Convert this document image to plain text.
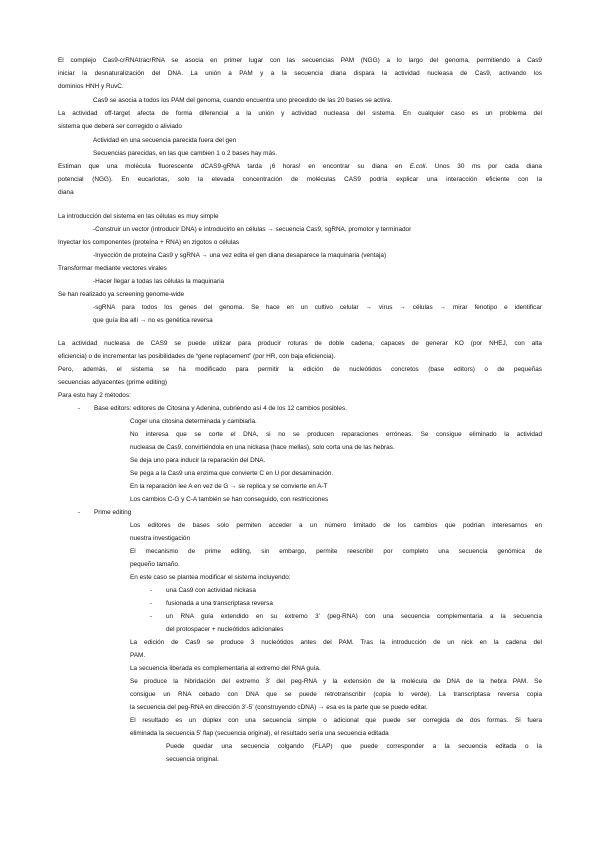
El complejo Cas9-crRNAtracrRNA se asocia en primer lugar con las secuencias PAM (NGG) a lo largo del genoma, permitiendo a Cas9
iniciar la desnaturalización del DNA. La unión a PAM y a la secuencia diana dispara la actividad nucleasa de Cas9, activando los
dominios HNH y RuvC.
Cas9 se asocia a todos los PAM del genoma, cuando encuentra uno precedido de las 20 bases se activa.
La actividad off-target afecta de forma diferencial a la unión y actividad nucleasa del sistema. En cualquier caso es un problema del
sistema que deberá ser corregido o aliviado
Actividad en una secuencia parecida fuera del gen
Secuencias parecidas, en las que cambien 1 o 2 bases hay más.
Estiman que una molécula fluorescente dCAS9-gRNA tarda ¡6 horas! en encontrar su diana en E.coli. Unos 30 ms por cada diana
potencial (NGG). En eucariotas, solo la elevada concentración de moléculas CAS9 podría explicar una interacción eficiente con la
diana
La introducción del sistema en las células es muy simple
-Construir un vector (introducir DNA) e introducirlo en células → secuencia Cas9, sgRNA, promotor y terminador
Inyectar los componentes (proteína + RNA) en zigotos o células
-Inyección de proteína Cas9 y sgRNA → una vez edita el gen diana desaparece la maquinaria (ventaja)
Transformar mediante vectores virales
-Hacer llegar a todas las células la maquinaria
Se han realizado ya screening genome-wide
-sgRNA para todos los genes del genoma. Se hace en un cultivo celular → virus → células → mirar fenotipo e identificar
que guía iba allí → no es genética reversa
La actividad nucleasa de CAS9 se puede utilizar para producir roturas de doble cadena, capaces de generar KO (por NHEJ, con alta
eficiencia) o de incrementar las posibilidades de “gene replacement” (por HR, con baja eficiencia).
Pero, además, el sistema se ha modificado para permitir la edición de nucleótidos concretos (base editors) o de pequeñas
secuencias adyacentes (prime editing)
Para esto hay 2 métodos:
- Base editors: editores de Citosina y Adenina, cubriendo así 4 de los 12 cambios posibles.
Coger una citosina determinada y cambiarla.
No interesa que se corte el DNA, si no se producen reparaciones erróneas. Se consigue eliminado la actividad
nucleasa de Cas9, convirtiéndola en una nickasa (hace mellas), solo corta una de las hebras.
Se deja uno para inducir la reparación del DNA.
Se pega a la Cas9 una enzima que convierte C en U por desaminación.
En la reparación lee A en vez de G → se replica y se convierte en A-T
Los cambios C-G y C-A también se han conseguido, con restricciones
- Prime editing
Los editores de bases solo permiten acceder a un número limitado de los cambios que podrían interesarnos en
nuestra investigación
El mecanismo de prime editing, sin embargo, permite reescribir por completo una secuencia genómica de
pequeño tamaño.
En este caso se plantea modificar el sistema incluyendo:
- una Cas9 con actividad nickasa
- fusionada a una transcriptasa reversa
- un RNA guía extendido en su extremo 3’ (peg-RNA) con una secuencia complementaria a la secuencia
del protospacer + nucleótidos adicionales
La edición de Cas9 se produce 3 nucleótidos antes del PAM. Tras la introducción de un nick en la cadena del
PAM.
La secuencia liberada es complementaria al extremo del RNA guía.
Se produce la hibridación del extremo 3’ del peg-RNA y la extensión de la molécula de DNA de la hebra PAM. Se
consigue un RNA cebado con DNA que se puede retrotranscribir (copia lo verde). La transcriptasa reversa copia
la secuencia del peg-RNA en dirección 3’-5’ (construyendo cDNA) → esa es la parte que se puede editar.
El resultado es un dúplex con una secuencia simple o adicional que puede ser corregida de dos formas. Si fuera
eliminada la secuencia 5’ flap (secuencia original), el resultado sería una secuencia editada
Puede quedar una secuencia colgando (FLAP) que puede corresponder a la secuencia editada o la
secuencia original.
